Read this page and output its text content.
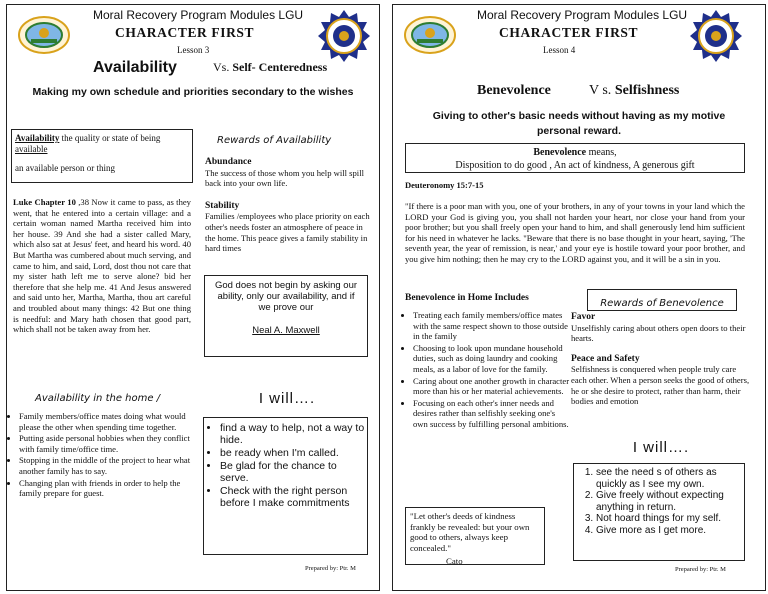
Moral Recovery Program Modules LGU
CHARACTER FIRST
Lesson 3
Availability	Vs. Self- Centeredness
Making my own schedule and priorities secondary to the wishes
Availability the quality or state of being available
an available person or thing
Luke Chapter 10 ,38 Now it came to pass, as they went, that he entered into a certain village: and a certain woman named Martha received him into her house. 39 And she had a sister called Mary, which also sat at Jesus' feet, and heard his word. 40 But Martha was cumbered about much serving, and came to him, and said, Lord, dost thou not care that my sister hath left me to serve alone? bid her therefore that she help me. 41 And Jesus answered and said unto her, Martha, Martha, thou art careful and troubled about many things: 42 But one thing is needful: and Mary hath chosen that good part, which shall not be taken away from her.
Availability in the home /
• Family members/office mates doing what would please the other when spending time together.
• Putting aside personal hobbies when they conflict with family time/office time.
• Stopping in the middle of the project to hear what another family has to say.
• Changing plan with friends in order to help the family prepare for guest.
Rewards of Availability
Abundance
The success of those whom you help will spill back into your own life.
Stability
Families /employees who place priority on each other's needs foster an atmosphere of peace in the home. This peace gives a family stability in hard times
God does not begin by asking our ability, only our availability, and if we prove our
Neal A. Maxwell
I will….
• find a way to help, not a way to hide.
• be ready when I'm called.
• Be glad for the chance to serve.
• Check with the right person before I make commitments
Prepared by: Ptr. M
Moral Recovery Program Modules LGU
CHARACTER FIRST
Lesson 4
Benevolence	V s. Selfishness
Giving to other's basic needs without having as my motive personal reward.
Benevolence means,
Disposition to do good , An act of kindness, A generous gift
Deuteronomy 15:7-15
"If there is a poor man with you, one of your brothers, in any of your towns in your land which the LORD your God is giving you, you shall not harden your heart, nor close your hand from your poor brother; but you shall freely open your hand to him, and shall generously lend him sufficient for his need in whatever he lacks. "Beware that there is no base thought in your heart, saying, 'The seventh year, the year of remission, is near,' and your eye is hostile toward your poor brother, and you give him nothing; then he may cry to the LORD against you, and it will be a sin in you.
Benevolence in Home Includes
• Treating each family members/office mates with the same respect shown to those outside in the family
• Choosing to look upon mundane household duties, such as doing laundry and cooking meals, as a labor of love for the family.
• Caring about one another growth in character more than his or her material achievements.
• Focusing on each other's inner needs and desires rather than selfishly seeking one's own success by fulfilling personal ambitions.
"Let other's deeds of kindness frankly be revealed: but your own good to others, always keep concealed."
Cato
Rewards of Benevolence
Favor
Unselfishly caring about others open doors to their hearts.
Peace and Safety
Selfishness is conquered when people truly care each other. When a person seeks the good of others, he or she desire to protect, rather than harm, their bodies and emotion
I will….
1. see the need s of others as quickly as I see my own.
2. Give freely without expecting anything in return.
3. Not hoard things for my self.
4. Give more as I get more.
Prepared by: Ptr. M
